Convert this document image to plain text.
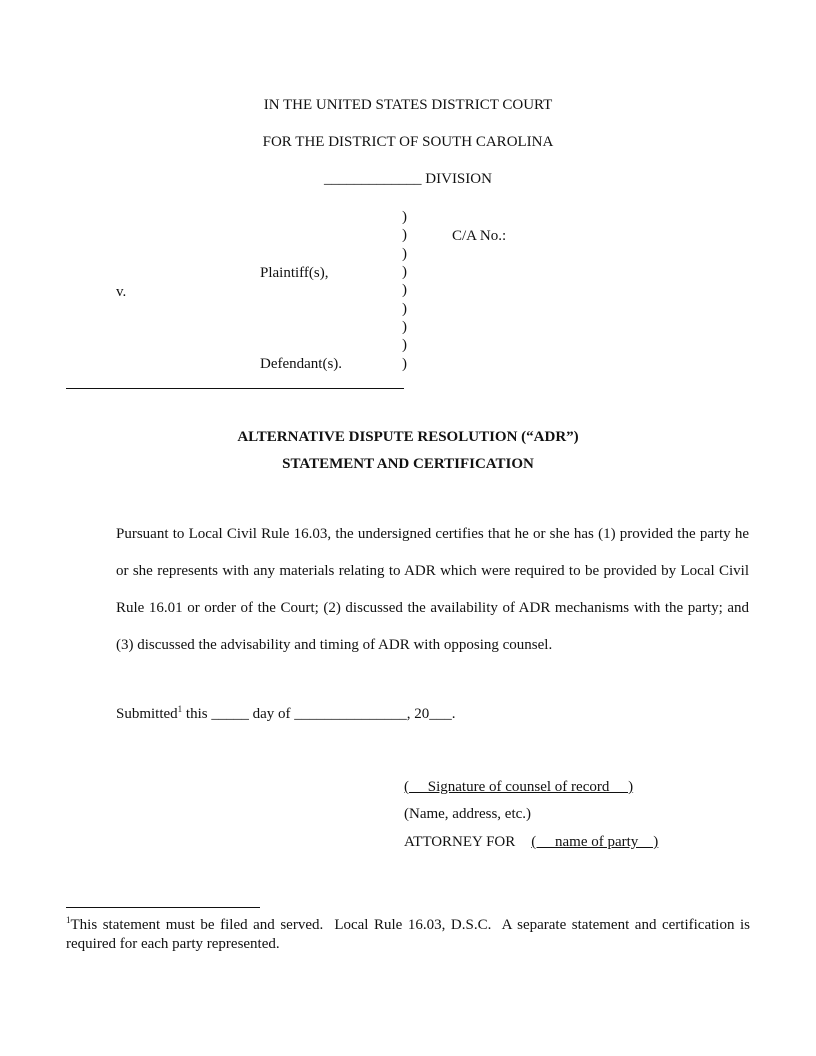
IN THE UNITED STATES DISTRICT COURT
FOR THE DISTRICT OF SOUTH CAROLINA
_____________ DIVISION
)
)
)
)
)
)
)
)
)
C/A No.:
Plaintiff(s),
v.
Defendant(s).
ALTERNATIVE DISPUTE RESOLUTION (“ADR”)
STATEMENT AND CERTIFICATION
Pursuant to Local Civil Rule 16.03, the undersigned certifies that he or she has (1) provided the party he or she represents with any materials relating to ADR which were required to be provided by Local Civil Rule 16.01 or order of the Court; (2) discussed the availability of ADR mechanisms with the party; and (3) discussed the advisability and timing of ADR with opposing counsel.
Submitted$^1$ this _____ day of _______________, 20___.
(     Signature of counsel of record     )
(Name, address, etc.)
ATTORNEY FOR (     name of party    )
$^1$This statement must be filed and served.  Local Rule 16.03, D.S.C.  A separate statement and certification is required for each party represented.
